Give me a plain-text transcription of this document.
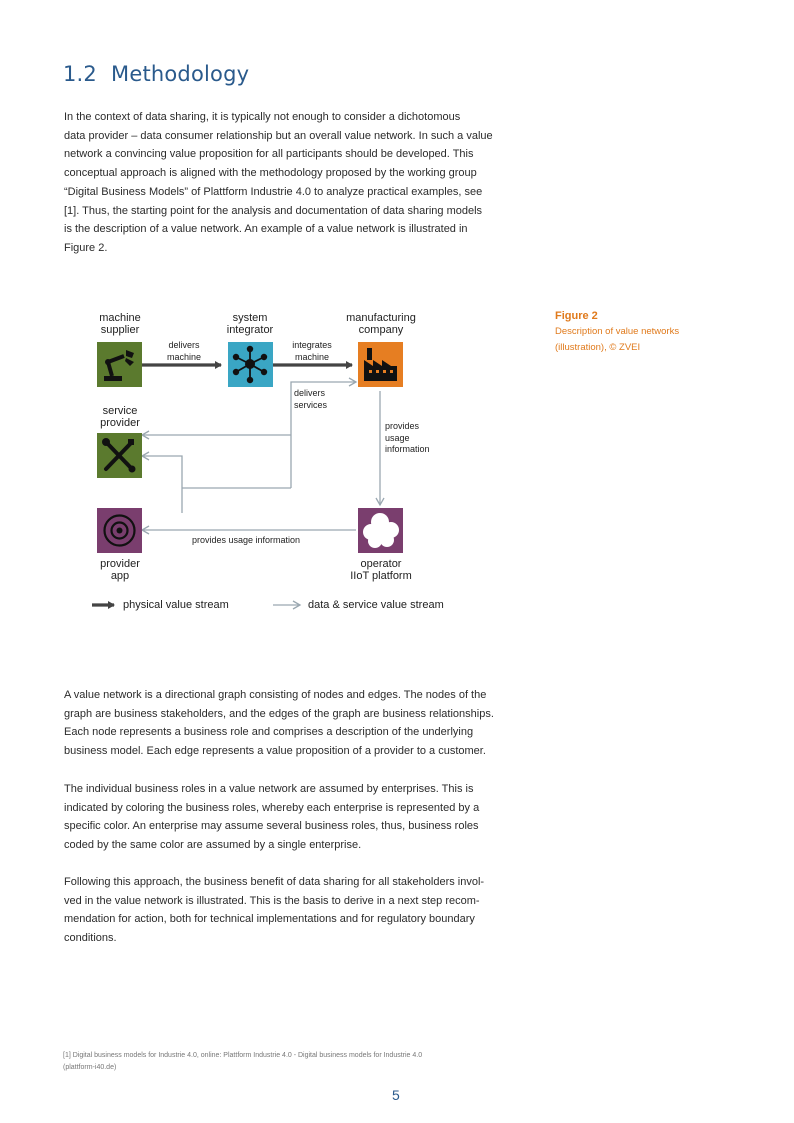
1.2 Methodology
In the context of data sharing, it is typically not enough to consider a dichotomous
data provider – data consumer relationship but an overall value network. In such a value
network a convincing value proposition for all participants should be developed. This
conceptual approach is aligned with the methodology proposed by the working group
“Digital Business Models” of Plattform Industrie 4.0 to analyze practical examples, see
[1]. Thus, the starting point for the analysis and documentation of data sharing models
is the description of a value network. An example of a value network is illustrated in
Figure 2.
Figure 2
Description of value networks
(illustration), © ZVEI
machine
supplier
system
integrator
manufacturing
company
service
provider
provider
app
operator
IIoT platform
delivers
machine
integrates
machine
delivers
services
provides
usage
information
provides usage information
physical value stream	data & service value stream
A value network is a directional graph consisting of nodes and edges. The nodes of the
graph are business stakeholders, and the edges of the graph are business relationships.
Each node represents a business role and comprises a description of the underlying
business model. Each edge represents a value proposition of a provider to a customer.
The individual business roles in a value network are assumed by enterprises. This is
indicated by coloring the business roles, whereby each enterprise is represented by a
specific color. An enterprise may assume several business roles, thus, business roles
coded by the same color are assumed by a single enterprise.
Following this approach, the business benefit of data sharing for all stakeholders invol-
ved in the value network is illustrated. This is the basis to derive in a next step recom-
mendation for action, both for technical implementations and for regulatory boundary
conditions.
[1] Digital business models for Industrie 4.0, online: Plattform Industrie 4.0 - Digital business models for Industrie 4.0
(plattform-i40.de)
5
